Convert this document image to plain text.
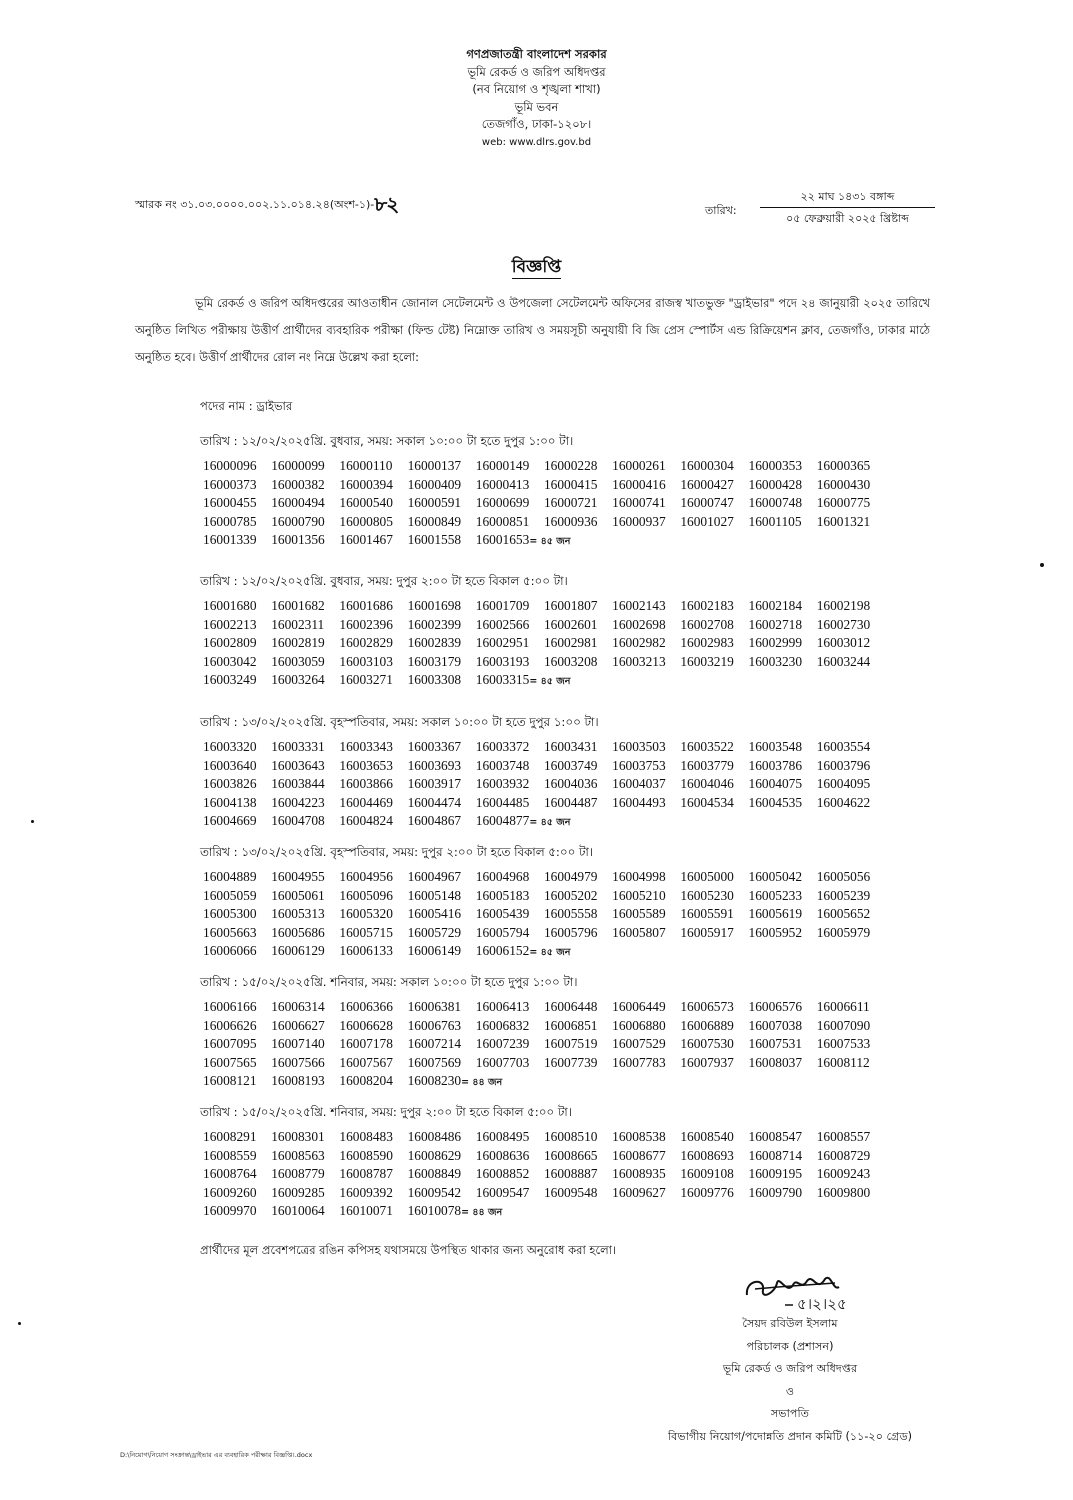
গণপ্রজাতন্ত্রী বাংলাদেশ সরকার
ভূমি রেকর্ড ও জরিপ অধিদপ্তর
(নব নিয়োগ ও শৃঙ্খলা শাখা)
ভূমি ভবন
তেজগাঁও, ঢাকা-১২০৮।
web: www.dlrs.gov.bd
স্মারক নং ৩১.০৩.০০০০.০০২.১১.০১৪.২৪(অংশ-১)-৮২	তারিখ:
২২ মাঘ ১৪৩১ বঙ্গাব্দ
০৫ ফেব্রুয়ারী ২০২৫ খ্রিষ্টাব্দ
বিজ্ঞপ্তি

ভূমি রেকর্ড ও জরিপ অধিদপ্তরের আওতাধীন জোনাল সেটেলমেন্ট ও উপজেলা সেটেলমেন্ট অফিসের রাজস্ব খাতভুক্ত "ড্রাইভার" পদে ২৪ জানুয়ারী ২০২৫ তারিখে অনুষ্ঠিত লিখিত পরীক্ষায় উত্তীর্ণ প্রার্থীদের ব্যবহারিক পরীক্ষা (ফিল্ড টেষ্ট) নিম্নোক্ত তারিখ ও সময়সূচী অনুযায়ী বি জি প্রেস স্পোর্টস এন্ড রিক্রিয়েশন ক্লাব, তেজগাঁও, ঢাকার মাঠে অনুষ্ঠিত হবে। উত্তীর্ণ প্রার্থীদের রোল নং নিম্নে উল্লেখ করা হলো:

পদের নাম : ড্রাইভার
তারিখ : ১২/০২/২০২৫খ্রি. বুধবার, সময়: সকাল ১০:০০ টা হতে দুপুর ১:০০ টা।
16000096 16000099 16000110 16000137 16000149 16000228 16000261 16000304 16000353 16000365
16000373 16000382 16000394 16000409 16000413 16000415 16000416 16000427 16000428 16000430
16000455 16000494 16000540 16000591 16000699 16000721 16000741 16000747 16000748 16000775
16000785 16000790 16000805 16000849 16000851 16000936 16000937 16001027 16001105 16001321
16001339 16001356 16001467 16001558 16001653= ৪৫ জন
তারিখ : ১২/০২/২০২৫খ্রি. বুধবার, সময়: দুপুর ২:০০ টা হতে বিকাল ৫:০০ টা।
16001680 16001682 16001686 16001698 16001709 16001807 16002143 16002183 16002184 16002198
16002213 16002311 16002396 16002399 16002566 16002601 16002698 16002708 16002718 16002730
16002809 16002819 16002829 16002839 16002951 16002981 16002982 16002983 16002999 16003012
16003042 16003059 16003103 16003179 16003193 16003208 16003213 16003219 16003230 16003244
16003249 16003264 16003271 16003308 16003315= ৪৫ জন
তারিখ : ১৩/০২/২০২৫খ্রি. বৃহস্পতিবার, সময়: সকাল ১০:০০ টা হতে দুপুর ১:০০ টা।
16003320 16003331 16003343 16003367 16003372 16003431 16003503 16003522 16003548 16003554
16003640 16003643 16003653 16003693 16003748 16003749 16003753 16003779 16003786 16003796
16003826 16003844 16003866 16003917 16003932 16004036 16004037 16004046 16004075 16004095
16004138 16004223 16004469 16004474 16004485 16004487 16004493 16004534 16004535 16004622
16004669 16004708 16004824 16004867 16004877= ৪৫ জন
তারিখ : ১৩/০২/২০২৫খ্রি. বৃহস্পতিবার, সময়: দুপুর ২:০০ টা হতে বিকাল ৫:০০ টা।
16004889 16004955 16004956 16004967 16004968 16004979 16004998 16005000 16005042 16005056
16005059 16005061 16005096 16005148 16005183 16005202 16005210 16005230 16005233 16005239
16005300 16005313 16005320 16005416 16005439 16005558 16005589 16005591 16005619 16005652
16005663 16005686 16005715 16005729 16005794 16005796 16005807 16005917 16005952 16005979
16006066 16006129 16006133 16006149 16006152= ৪৫ জন
তারিখ : ১৫/০২/২০২৫খ্রি. শনিবার, সময়: সকাল ১০:০০ টা হতে দুপুর ১:০০ টা।
16006166 16006314 16006366 16006381 16006413 16006448 16006449 16006573 16006576 16006611
16006626 16006627 16006628 16006763 16006832 16006851 16006880 16006889 16007038 16007090
16007095 16007140 16007178 16007214 16007239 16007519 16007529 16007530 16007531 16007533
16007565 16007566 16007567 16007569 16007703 16007739 16007783 16007937 16008037 16008112
16008121 16008193 16008204 16008230= ৪৪ জন
তারিখ : ১৫/০২/২০২৫খ্রি. শনিবার, সময়: দুপুর ২:০০ টা হতে বিকাল ৫:০০ টা।
16008291 16008301 16008483 16008486 16008495 16008510 16008538 16008540 16008547 16008557
16008559 16008563 16008590 16008629 16008636 16008665 16008677 16008693 16008714 16008729
16008764 16008779 16008787 16008849 16008852 16008887 16008935 16009108 16009195 16009243
16009260 16009285 16009392 16009542 16009547 16009548 16009627 16009776 16009790 16009800
16009970 16010064 16010071 16010078= ৪৪ জন
প্রার্থীদের মূল প্রবেশপত্রের রঙিন কপিসহ যথাসময়ে উপস্থিত থাকার জন্য অনুরোধ করা হলো।
৫।২।২৫
সৈয়দ রবিউল ইসলাম
পরিচালক (প্রশাসন)
ভূমি রেকর্ড ও জরিপ অধিদপ্তর
ও
সভাপতি
বিভাগীয় নিয়োগ/পদোন্নতি প্রদান কমিটি (১১-২০ গ্রেড)
D:\নিয়োগ\নিয়োগ সংক্রান্ত\ড্রাইভার এর ব্যবহারিক পরীক্ষার বিজ্ঞপ্তি।.docx
